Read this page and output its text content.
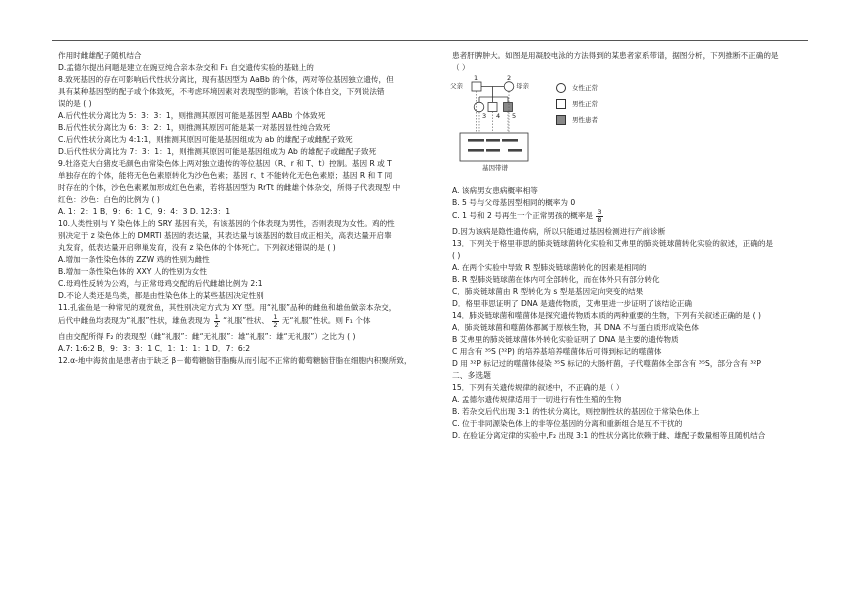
作用时雌雄配子随机结合

D.孟德尔提出问题是建立在豌豆纯合亲本杂交和 F₁ 自交遗传实验的基础上的

8.致死基因的存在可影响后代性状分离比，现有基因型为 AaBb 的个体，两对等位基因独立遗传，但

具有某种基因型的配子或个体致死，不考虑环境因素对表现型的影响，若该个体自交，下列说法错

误的是 ( )

A.后代性状分离比为 5：3：3：1，则推测其原因可能是基因型 AABb 个体致死

B.后代性状分离比为 6：3：2：1，则推测其原因可能是某一对基因显性纯合致死

C.后代性状分离比为 4:1:1，则推测其原因可能是基因组成为 ab 的雄配子或雌配子致死

D.后代性状分离比为 7：3：1：1，则推测其原因可能是基因组成为 Ab 的雄配子或雌配子致死

9.牡洛克大白猪皮毛颜色由常染色体上两对独立遗传的等位基因（R、r 和 T、t）控制。基因 R 或 T

单独存在的个体，能将无色色素原转化为沙色色素；基因 r、t 不能转化无色色素原；基因 R 和 T 同

时存在的个体，沙色色素累加形成红色色素，若将基因型为 RrTt 的雌雄个体杂交，所得子代表现型 中

红色：沙色：白色的比例为 ( )

A. 1：2：1 B．9：6：1 C．9：4：3 D. 12:3：1

10.人类性别与 Y 染色体上的 SRY 基因有关，有该基因的个体表现为男性，否则表现为女性。鸡的性

别决定于 z 染色体上的 DMRTl 基因的表达量，其表达量与该基因的数目成正相关，高表达量开启睾

丸发育，低表达量开启卵巢发育，没有 z 染色体的个体死亡。下列叙述错误的是 ( )

A.增加一条性染色体的 ZZW 鸡的性别为雌性

B.增加一条性染色体的 XXY 人的性别为女性

C.母鸡性反转为公鸡，与正常母鸡交配的后代雌雄比例为 2:1

D.不论人类还是鸟类，都是由性染色体上的某些基因决定性别

11.孔雀鱼是一种常见的观赏鱼，其性别决定方式为 XY 型。用“礼服”品种的雌鱼和雄鱼做亲本杂交，

后代中雌鱼均表现为“礼服”性状，雄鱼表现为 $\frac{1}{2}$ “礼服”性状、 $\frac{1}{2}$ 无“礼服”性状。则 F₁ 个体

自由交配所得 F₂ 的表现型（雌“礼服”：雌“无礼服”：雄“礼服”：雄“无礼服”）之比为 ( )

A.7: 1:6:2 B．9：3：3：1 C．1：1：1：1 D．7：6:2

12.α-地中海贫血是患者由于缺乏 β－葡萄糖脑苷脂酶从而引起不正常的葡萄糖脑苷脂在细胞内积聚所致，

患者肝脾肿大。如图是用凝胶电泳的方法得到的某患者家系带谱，据图分析，下列推断不正确的是

（ ）

父亲
1	2
母亲
3 4 5
基因带谱
女性正常
男性正常
男性患者

A. 该病男女患病概率相等

B. 5 号与父母基因型相同的概率为 0

C. 1 号和 2 号再生一个正常男孩的概率是 $\frac{3}{8}$

D.因为该病是隐性遗传病，所以只能通过基因检测进行产前诊断

13．下列关于格里菲思的肺炎链球菌转化实验和艾弗里的肺炎链球菌转化实验的叙述，正确的是

( )

A. 在两个实验中导致 R 型肺炎链球菌转化的因素是相同的

B. R 型肺炎链球菌在体内可全部转化，而在体外只有部分转化

C．肺炎链球菌由 R 型转化为 s 型是基因定向突变的结果

D．格里菲思证明了 DNA 是遗传物质，艾弗里进一步证明了该结论正确

14．肺炎链球菌和噬菌体是探究遗传物质本质的两种重要的生物，下列有关叙述正确的是 ( )

A．肺炎链球菌和噬菌体都属于原核生物，其 DNA 不与蛋白质形成染色体

B 艾弗里的肺炎链球菌体外转化实验证明了 DNA 是主要的遗传物质

C 用含有 ³⁵S (³²P) 的培养基培养噬菌体后可得到标记的噬菌体

D 用 ³²P 标记过的噬菌体侵染 ³⁵S 标记的大肠杆菌，子代噬菌体全部含有 ³⁵S，部分含有 ³²P

二、多选题

15．下列有关遗传规律的叙述中，不正确的是（ ）

A. 孟德尔遗传规律适用于一切进行有性生殖的生物

B. 若杂交后代出现 3:1 的性状分离比，则控制性状的基因位于常染色体上

C. 位于非同源染色体上的非等位基因的分离和重新组合是互不干扰的

D. 在验证分离定律的实验中,F₂ 出现 3:1 的性状分离比依赖于雌、雄配子数量相等且随机结合
